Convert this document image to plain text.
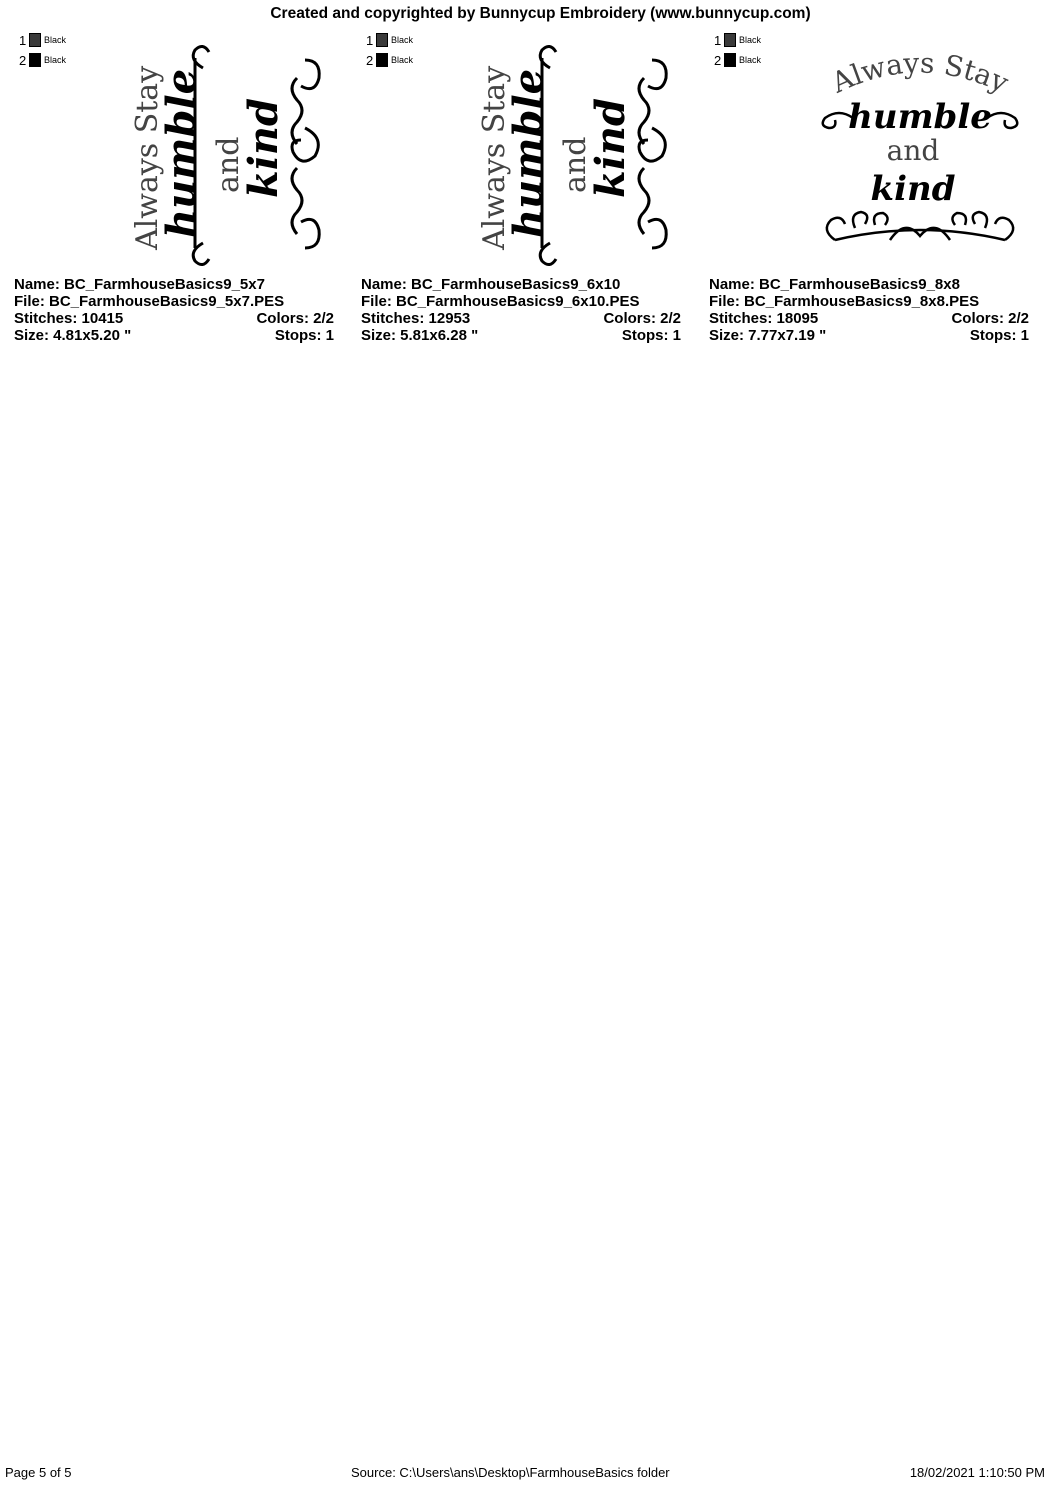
Created and copyrighted by Bunnycup Embroidery (www.bunnycup.com)
1	Black
2	Black
Always Stay
humble and
kind
Name: BC_FarmhouseBasics9_5x7
File: BC_FarmhouseBasics9_5x7.PES
Stitches: 10415	Colors: 2/2
Size: 4.81x5.20 "	Stops: 1
1	Black
2	Black
Always Stay
humble and
kind
Name: BC_FarmhouseBasics9_6x10
File: BC_FarmhouseBasics9_6x10.PES
Stitches: 12953	Colors: 2/2
Size: 5.81x6.28 "	Stops: 1
1	Black
2	Black
Always Stay
humble
and
kind
Name: BC_FarmhouseBasics9_8x8
File: BC_FarmhouseBasics9_8x8.PES
Stitches: 18095	Colors: 2/2
Size: 7.77x7.19 "	Stops: 1
Page 5 of 5	Source: C:\Users\ans\Desktop\FarmhouseBasics folder	18/02/2021 1:10:50 PM
